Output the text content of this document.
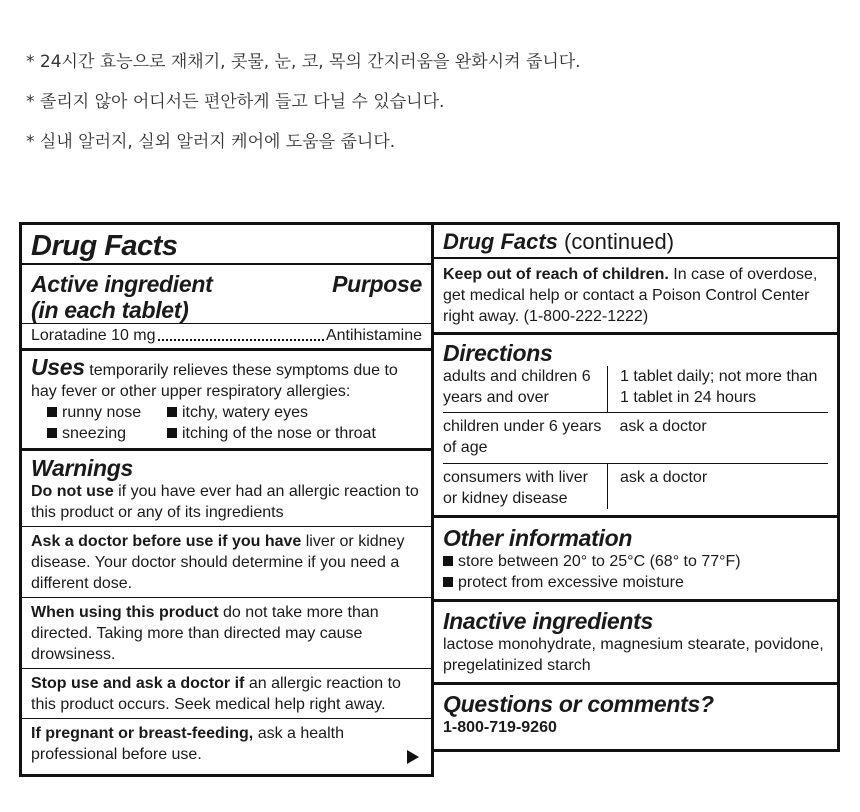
* 24시간 효능으로 재채기, 콧물, 눈, 코, 목의 간지러움을 완화시켜 줍니다.

* 졸리지 않아 어디서든 편안하게 들고 다닐 수 있습니다.

* 실내 알러지, 실외 알러지 케어에 도움을 줍니다.

Drug Facts
Active ingredient
(in each tablet)
Purpose
Loratadine 10 mg	Antihistamine
Uses temporarily relieves these symptoms due to
hay fever or other upper respiratory allergies:
runny nose	itchy, watery eyes
sneezing	itching of the nose or throat
Warnings
Do not use if you have ever had an allergic reaction to this product or any of its ingredients
Ask a doctor before use if you have liver or kidney disease. Your doctor should determine if you need a different dose.
When using this product do not take more than directed. Taking more than directed may cause drowsiness.
Stop use and ask a doctor if an allergic reaction to this product occurs. Seek medical help right away.
If pregnant or breast-feeding, ask a health professional before use.
Drug Facts (continued)
Keep out of reach of children. In case of overdose, get medical help or contact a Poison Control Center right away. (1-800-222-1222)
Directions
adults and children 6 years and over	1 tablet daily; not more than 1 tablet in 24 hours
children under 6 years of age	ask a doctor
consumers with liver or kidney disease	ask a doctor
Other information
store between 20° to 25°C (68° to 77°F)
protect from excessive moisture
Inactive ingredients
lactose monohydrate, magnesium stearate, povidone, pregelatinized starch
Questions or comments?
1-800-719-9260
